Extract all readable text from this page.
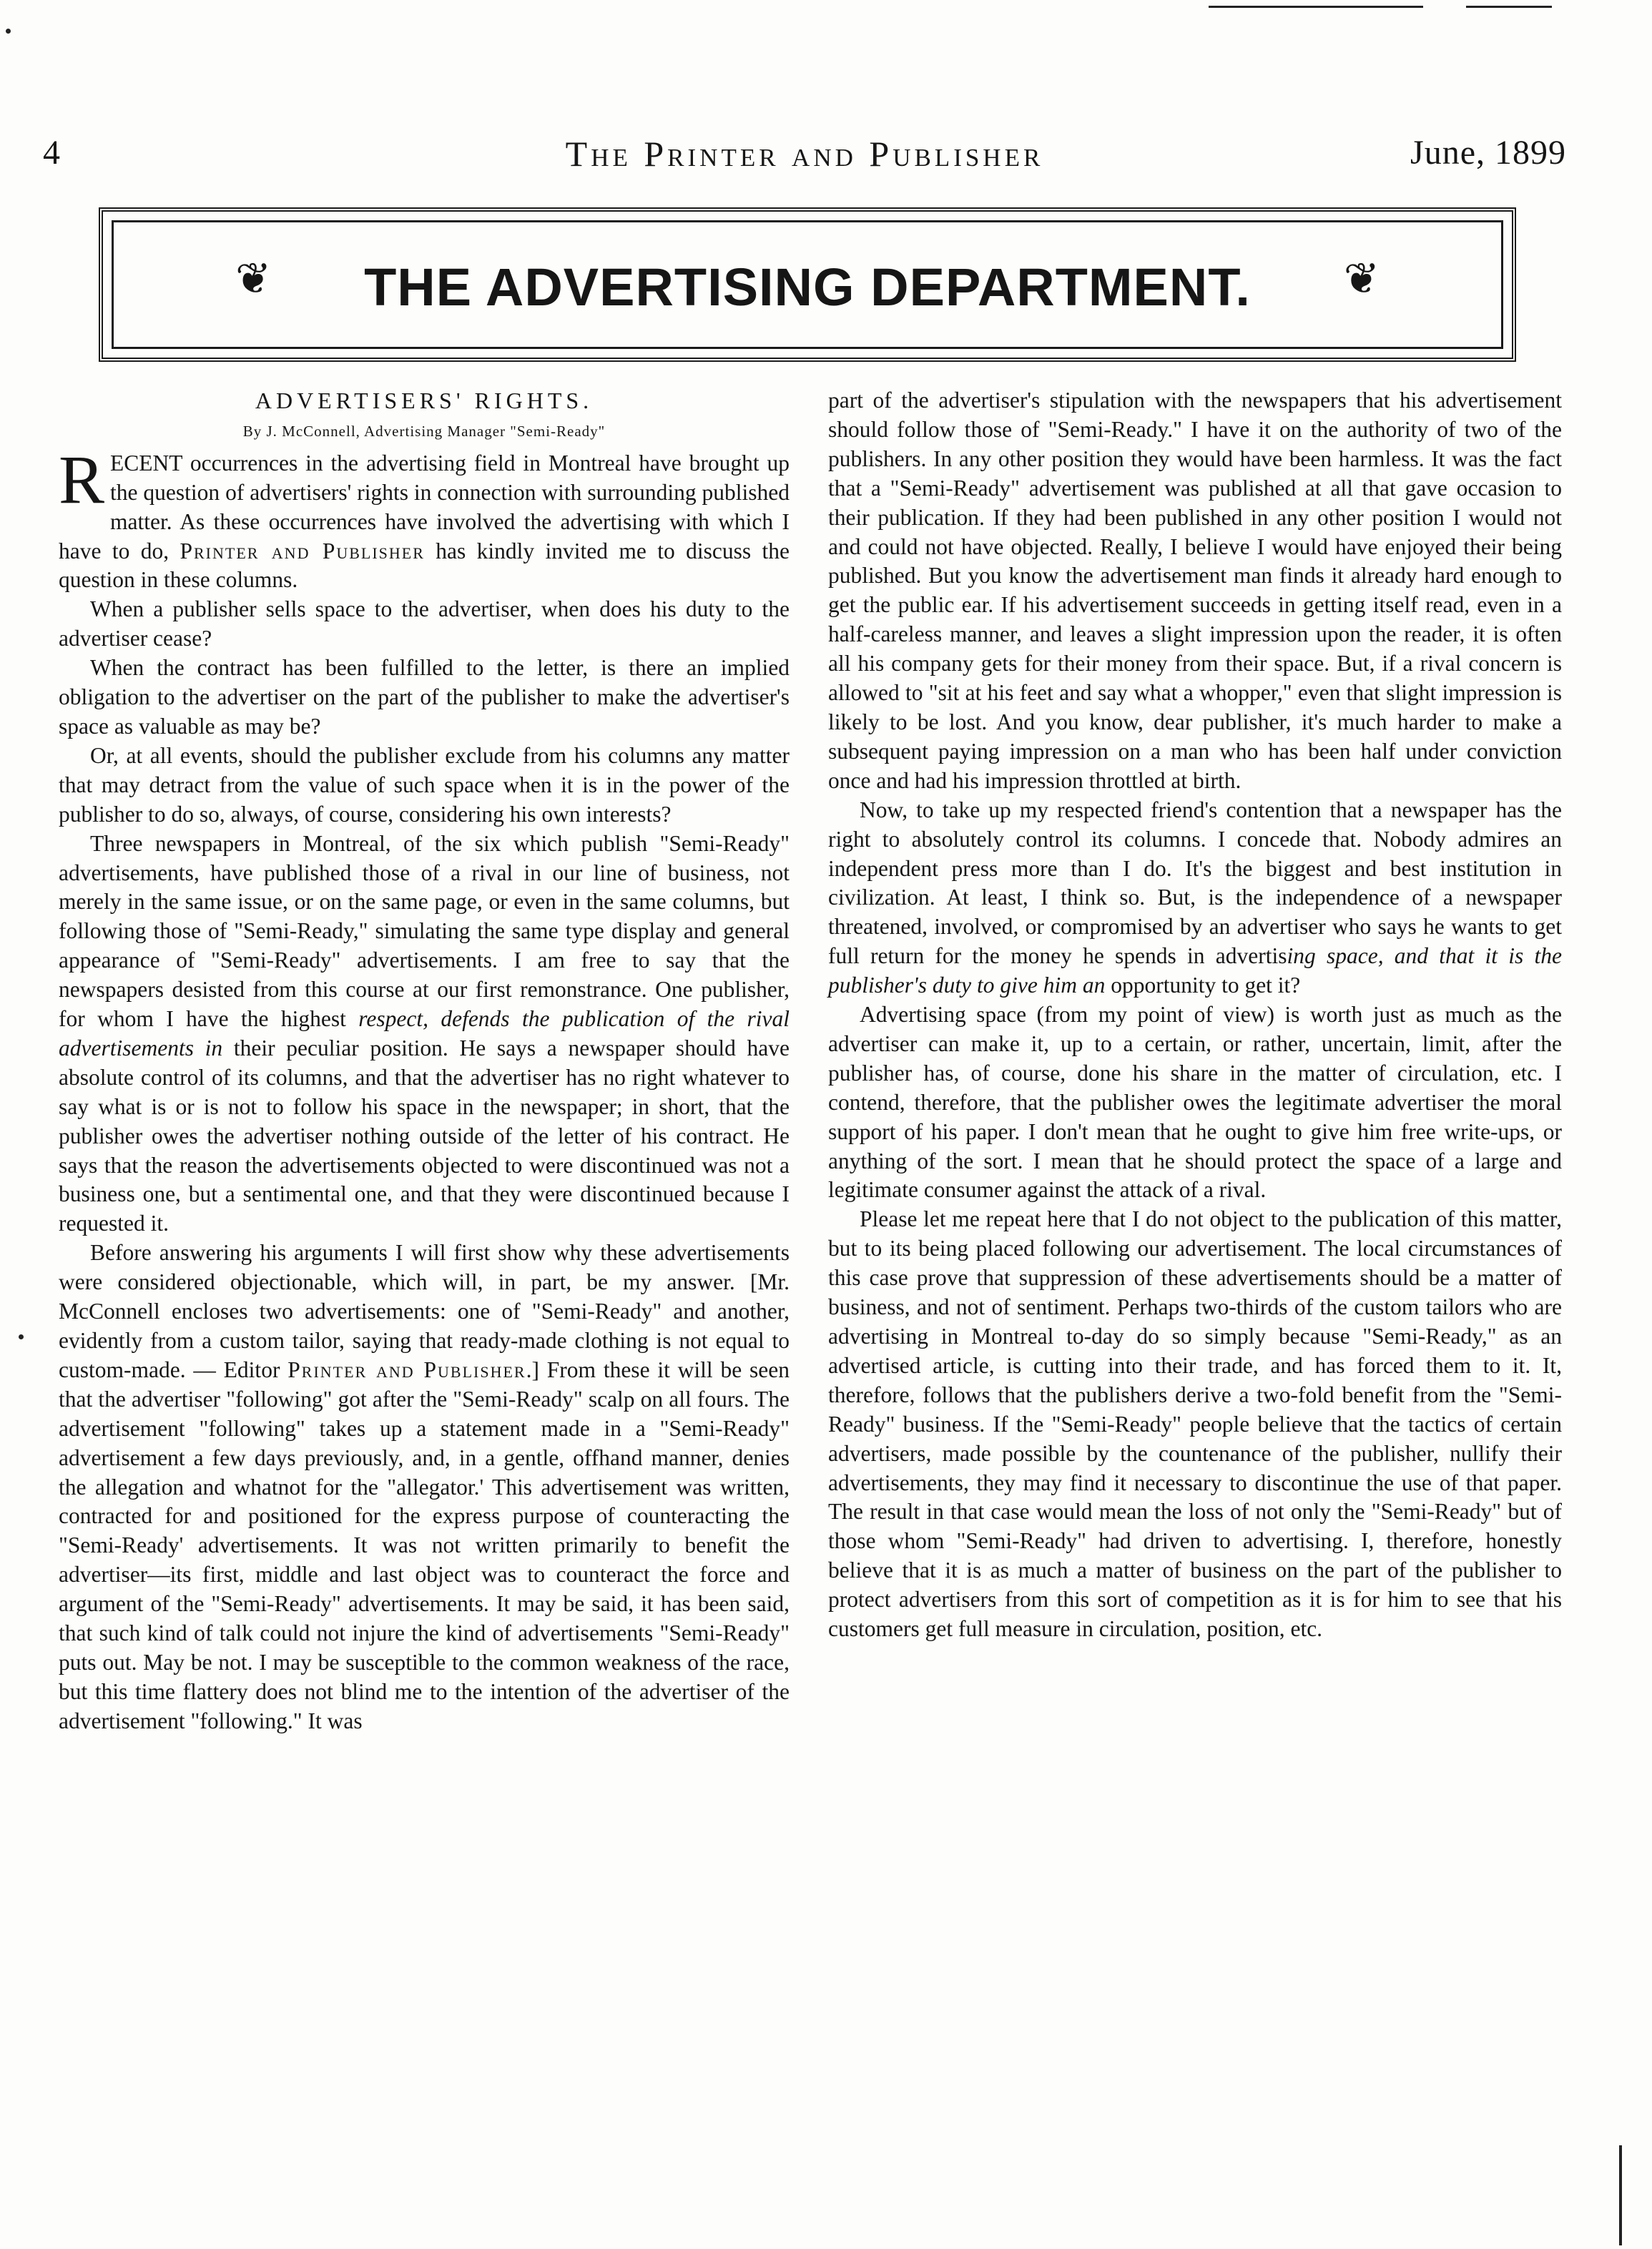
4	The Printer and Publisher	June, 1899
❦	THE ADVERTISING DEPARTMENT.	❦
ADVERTISERS' RIGHTS.
By J. McConnell, Advertising Manager "Semi-Ready"

RECENT occurrences in the advertising field in Montreal have brought up the question of advertisers' rights in connection with surrounding published matter. As these occurrences have involved the advertising with which I have to do, Printer and Publisher has kindly invited me to discuss the question in these columns.

When a publisher sells space to the advertiser, when does his duty to the advertiser cease?

When the contract has been fulfilled to the letter, is there an implied obligation to the advertiser on the part of the publisher to make the advertiser's space as valuable as may be?

Or, at all events, should the publisher exclude from his columns any matter that may detract from the value of such space when it is in the power of the publisher to do so, always, of course, considering his own interests?

Three newspapers in Montreal, of the six which publish "Semi-Ready" advertisements, have published those of a rival in our line of business, not merely in the same issue, or on the same page, or even in the same columns, but following those of "Semi-Ready," simulating the same type display and general appearance of "Semi-Ready" advertisements. I am free to say that the newspapers desisted from this course at our first remonstrance. One publisher, for whom I have the highest respect, defends the publication of the rival advertisements in their peculiar position. He says a newspaper should have absolute control of its columns, and that the advertiser has no right whatever to say what is or is not to follow his space in the newspaper; in short, that the publisher owes the advertiser nothing outside of the letter of his contract. He says that the reason the advertisements objected to were discontinued was not a business one, but a sentimental one, and that they were discontinued because I requested it.

Before answering his arguments I will first show why these advertisements were considered objectionable, which will, in part, be my answer. [Mr. McConnell encloses two advertisements: one of "Semi-Ready" and another, evidently from a custom tailor, saying that ready-made clothing is not equal to custom-made. — Editor Printer and Publisher.] From these it will be seen that the advertiser "following" got after the "Semi-Ready" scalp on all fours. The advertisement "following" takes up a statement made in a "Semi-Ready" advertisement a few days previously, and, in a gentle, offhand manner, denies the allegation and whatnot for the "allegator.' This advertisement was written, contracted for and positioned for the express purpose of counteracting the "Semi-Ready' advertisements. It was not written primarily to benefit the advertiser—its first, middle and last object was to counteract the force and argument of the "Semi-Ready" advertisements. It may be said, it has been said, that such kind of talk could not injure the kind of advertisements "Semi-Ready" puts out. May be not. I may be susceptible to the common weakness of the race, but this time flattery does not blind me to the intention of the advertiser of the advertisement "following." It was

part of the advertiser's stipulation with the newspapers that his advertisement should follow those of "Semi-Ready." I have it on the authority of two of the publishers. In any other position they would have been harmless. It was the fact that a "Semi-Ready" advertisement was published at all that gave occasion to their publication. If they had been published in any other position I would not and could not have objected. Really, I believe I would have enjoyed their being published. But you know the advertisement man finds it already hard enough to get the public ear. If his advertisement succeeds in getting itself read, even in a half-careless manner, and leaves a slight impression upon the reader, it is often all his company gets for their money from their space. But, if a rival concern is allowed to "sit at his feet and say what a whopper," even that slight impression is likely to be lost. And you know, dear publisher, it's much harder to make a subsequent paying impression on a man who has been half under conviction once and had his impression throttled at birth.

Now, to take up my respected friend's contention that a newspaper has the right to absolutely control its columns. I concede that. Nobody admires an independent press more than I do. It's the biggest and best institution in civilization. At least, I think so. But, is the independence of a newspaper threatened, involved, or compromised by an advertiser who says he wants to get full return for the money he spends in advertising space, and that it is the publisher's duty to give him an opportunity to get it?

Advertising space (from my point of view) is worth just as much as the advertiser can make it, up to a certain, or rather, uncertain, limit, after the publisher has, of course, done his share in the matter of circulation, etc. I contend, therefore, that the publisher owes the legitimate advertiser the moral support of his paper. I don't mean that he ought to give him free write-ups, or anything of the sort. I mean that he should protect the space of a large and legitimate consumer against the attack of a rival.

Please let me repeat here that I do not object to the publication of this matter, but to its being placed following our advertisement. The local circumstances of this case prove that suppression of these advertisements should be a matter of business, and not of sentiment. Perhaps two-thirds of the custom tailors who are advertising in Montreal to-day do so simply because "Semi-Ready," as an advertised article, is cutting into their trade, and has forced them to it. It, therefore, follows that the publishers derive a two-fold benefit from the "Semi-Ready" business. If the "Semi-Ready" people believe that the tactics of certain advertisers, made possible by the countenance of the publisher, nullify their advertisements, they may find it necessary to discontinue the use of that paper. The result in that case would mean the loss of not only the "Semi-Ready" but of those whom "Semi-Ready" had driven to advertising. I, therefore, honestly believe that it is as much a matter of business on the part of the publisher to protect advertisers from this sort of competition as it is for him to see that his customers get full measure in circulation, position, etc.
